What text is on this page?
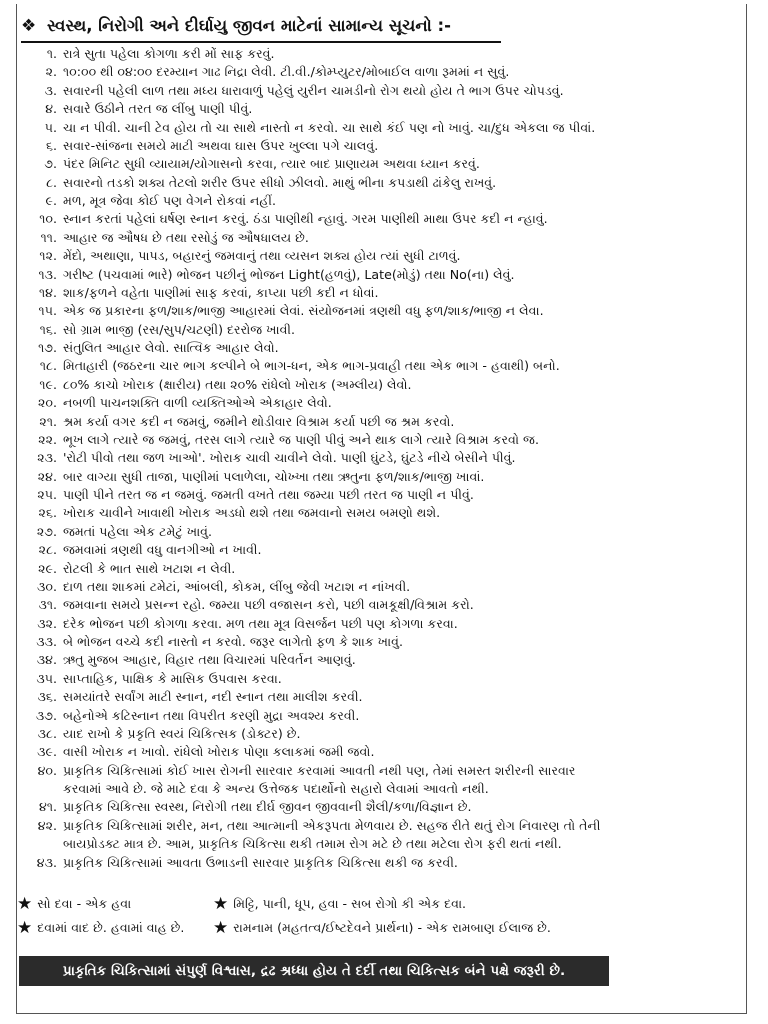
❖ સ્વસ્થ, નિરોગી અને દીર્ઘાયુ જીવન માટેનાં સામાન્ય સૂચનો :-
૧. રાત્રે સુતા પહેલા કોગળા કરી મોં સાફ કરવું.
૨. ૧૦:૦૦ થી ૦૪:૦૦ દરમ્યાન ગાઢ નિદ્રા લેવી. ટી.વી./કોમ્પ્યુટર/મોબાઈલ વાળા રૂમમાં ન સુવું.
૩. સવારની પહેલી લાળ તથા મધ્ય ધારાવાળું પહેલું યુરીન ચામડીનો રોગ થયો હોય તે ભાગ ઉપર ચોપડવું.
૪. સવારે ઉઠીને તરત જ લીંબુ પાણી પીવું.
૫. ચા ન પીવી. ચાની ટેવ હોય તો ચા સાથે નાસ્તો ન કરવો. ચા સાથે કંઈ પણ નો ખાવું. ચા/દુધ એકલા જ પીવાં.
૬. સવાર-સાંજના સમયે માટી અથવા ઘાસ ઉપર ખુલ્લા પગે ચાલવું.
૭. પંદર મિનિટ સુધી વ્યાયામ/યોગાસનો કરવા, ત્યાર બાદ પ્રાણાયમ અથવા ધ્યાન કરવું.
૮. સવારનો તડકો શક્ય તેટલો શરીર ઉપર સીધો ઝીલવો. માથું ભીના કપડાથી ઢાંકેલુ રાખવું.
૯. મળ, મૂત્ર જેવા કોઈ પણ વેગને રોકવાં નહીં.
૧૦. સ્નાન કરતાં પહેલાં ઘર્ષણ સ્નાન કરવું. ઠંડા પાણીથી ન્હાવું. ગરમ પાણીથી માથા ઉપર કદી ન ન્હાવું.
૧૧. આહાર જ ઔષધ છે તથા રસોડું જ ઔષધાલય છે.
૧૨. મેંદો, અથાણા, પાપડ, બહારનું જમવાનું તથા વ્યસન શક્ય હોય ત્યાં સુધી ટાળવું.
૧૩. ગરીષ્ટ (પચવામાં ભારે) ભોજન પછીનું ભોજન Light(હળવું), Late(મોડું) તથા No(ના) લેવું.
૧૪. શાક/ફળને વહેતા પાણીમાં સાફ કરવાં, કાપ્યા પછી કદી ન ધોવાં.
૧૫. એક જ પ્રકારના ફળ/શાક/ભાજી આહારમાં લેવાં. સંયોજનમાં ત્રણથી વધુ ફળ/શાક/ભાજી ન લેવા.
૧૬. સો ગ્રામ ભાજી (રસ/સુપ/ચટણી) દરરોજ ખાવી.
૧૭. સંતુલિત આહાર લેવો. સાત્વિક આહાર લેવો.
૧૮. મિતાહારી (જઠરના ચાર ભાગ કલ્પીને બે ભાગ-ધન, એક ભાગ-પ્રવાહી તથા એક ભાગ - હવાથી) બનો.
૧૯. ૮૦% કાચો ખોરાક (ક્ષારીય) તથા ૨૦% રાંધેલો ખોરાક (અમ્લીય) લેવો.
૨૦. નબળી પાચનશક્તિ વાળી વ્યક્તિઓએ એકાહાર લેવો.
૨૧. શ્રમ કર્યા વગર કદી ન જમવું, જમીને થોડીવાર વિશ્રામ કર્યા પછી જ શ્રમ કરવો.
૨૨. ભૂખ લાગે ત્યારે જ જમવું, તરસ લાગે ત્યારે જ પાણી પીવું અને થાક લાગે ત્યારે વિશ્રામ કરવો જ.
૨૩. 'રોટી પીવો તથા જળ ખાઓ'. ખોરાક ચાવી ચાવીને લેવો. પાણી ઘુંટડે, ઘુંટડે નીચે બેસીને પીવું.
૨૪. બાર વાગ્યા સુધી તાજા, પાણીમાં પલાળેલા, ચોખ્ખા તથા ઋતુના ફળ/શાક/ભાજી ખાવાં.
૨૫. પાણી પીને તરત જ ન જમવું. જમતી વખતે તથા જમ્યા પછી તરત જ પાણી ન પીવું.
૨૬. ખોરાક ચાવીને ખાવાથી ખોરાક અડધો થશે તથા જમવાનો સમય બમણો થશે.
૨૭. જમતાં પહેલા એક ટમેટું ખાવું.
૨૮. જમવામાં ત્રણથી વધુ વાનગીઓ ન ખાવી.
૨૯. રોટલી કે ભાત સાથે ખટાશ ન લેવી.
૩૦. દાળ તથા શાકમાં ટમેટાં, આંબલી, કોકમ, લીંબુ જેવી ખટાશ ન નાંખવી.
૩૧. જમવાના સમયે પ્રસન્ન રહો. જમ્યા પછી વજાસન કરો, પછી વામકૂક્ષી/વિશ્રામ કરો.
૩૨. દરેક ભોજન પછી કોગળા કરવા. મળ તથા મૂત્ર વિસર્જન પછી પણ કોગળા કરવા.
૩૩. બે ભોજન વચ્ચે કદી નાસ્તો ન કરવો. જરૂર લાગેતો ફળ કે શાક ખાવું.
૩૪. ઋતુ મુજબ આહાર, વિહાર તથા વિચારમાં પરિવર્તન આણવું.
૩૫. સાપ્તાહિક, પાક્ષિક કે માસિક ઉપવાસ કરવા.
૩૬. સમયાંતરે સર્વાંગ માટી સ્નાન, નદી સ્નાન તથા માલીશ કરવી.
૩૭. બહેનોએ કટિસ્નાન તથા વિપરીત કરણી મુદ્રા અવશ્ય કરવી.
૩૮. યાદ રાખો કે પ્રકૃતિ સ્વયં ચિકિત્સક (ડોક્ટર) છે.
૩૯. વાસી ખોરાક ન ખાવો. રાંધેલો ખોરાક પોણા કલાકમાં જમી જવો.
૪૦. પ્રાકૃતિક ચિકિત્સામાં કોઈ ખાસ રોગની સારવાર કરવામાં આવતી નથી પણ, તેમાં સમસ્ત શરીરની સારવાર
કરવામાં આવે છે. જે માટે દવા કે અન્ય ઉત્તેજક પદાર્થોનો સહારો લેવામાં આવતો નથી.
૪૧. પ્રાકૃતિક ચિકિત્સા સ્વસ્થ, નિરોગી તથા દીર્ઘ જીવન જીવવાની શૈલી/કળા/વિજ્ઞાન છે.
૪૨. પ્રાકૃતિક ચિકિત્સામાં શરીર, મન, તથા આત્માની એકરૂપતા મેળવાય છે. સહજ રીતે થતું રોગ નિવારણ તો તેની
બાયપ્રોડક્ટ માત્ર છે. આમ, પ્રાકૃતિક ચિકિત્સા થકી તમામ રોગ મટે છે તથા મટેલા રોગ ફરી થતાં નથી.
૪૩. પ્રાકૃતિક ચિકિત્સામાં આવતા ઉભાડની સારવાર પ્રાકૃતિક ચિકિત્સા થકી જ કરવી.
★ સો દવા - એક હવા	★ મિટ્ટિ, પાની, ધૂપ, હવા - સબ રોગો કી એક દવા.
★ દવામાં વાદ છે. હવામાં વાહ છે. ★ રામનામ (મહતત્વ/ઈષ્ટદેવને પ્રાર્થના) - એક રામબાણ ઈલાજ છે.
પ્રાકૃતિક ચિકિત્સામાં સંપુર્ણ વિશ્વાસ, દ્રઢ શ્રધ્ધા હોય તે દર્દી તથા ચિકિત્સક બંને પક્ષે જરૂરી છે.
